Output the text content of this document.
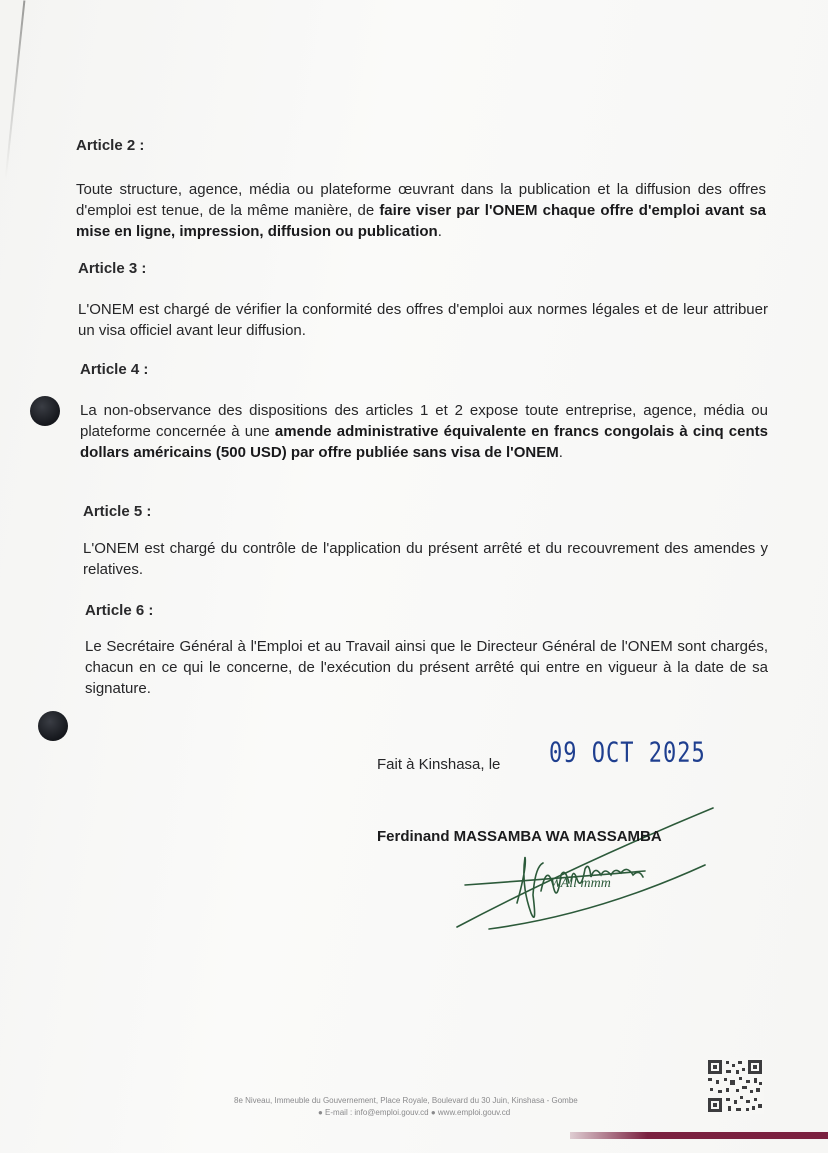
Article 2 :
Toute structure, agence, média ou plateforme œuvrant dans la publication et la diffusion des offres d'emploi est tenue, de la même manière, de faire viser par l'ONEM chaque offre d'emploi avant sa mise en ligne, impression, diffusion ou publication.
Article 3 :
L'ONEM est chargé de vérifier la conformité des offres d'emploi aux normes légales et de leur attribuer un visa officiel avant leur diffusion.
Article 4 :
La non-observance des dispositions des articles 1 et 2 expose toute entreprise, agence, média ou plateforme concernée à une amende administrative équivalente en francs congolais à cinq cents dollars américains (500 USD) par offre publiée sans visa de l'ONEM.
Article 5 :
L'ONEM est chargé du contrôle de l'application du présent arrêté et du recouvrement des amendes y relatives.
Article 6 :
Le Secrétaire Général à l'Emploi et au Travail ainsi que le Directeur Général de l'ONEM sont chargés, chacun en ce qui le concerne, de l'exécution du présent arrêté qui entre en vigueur à la date de sa signature.
Fait à Kinshasa, le 09 OCT 2025
WAll mmm
Ferdinand MASSAMBA WA MASSAMBA
8e Niveau, Immeuble du Gouvernement, Place Royale, Boulevard du 30 Juin, Kinshasa - Gombe
● E-mail : info@emploi.gouv.cd ● www.emploi.gouv.cd
